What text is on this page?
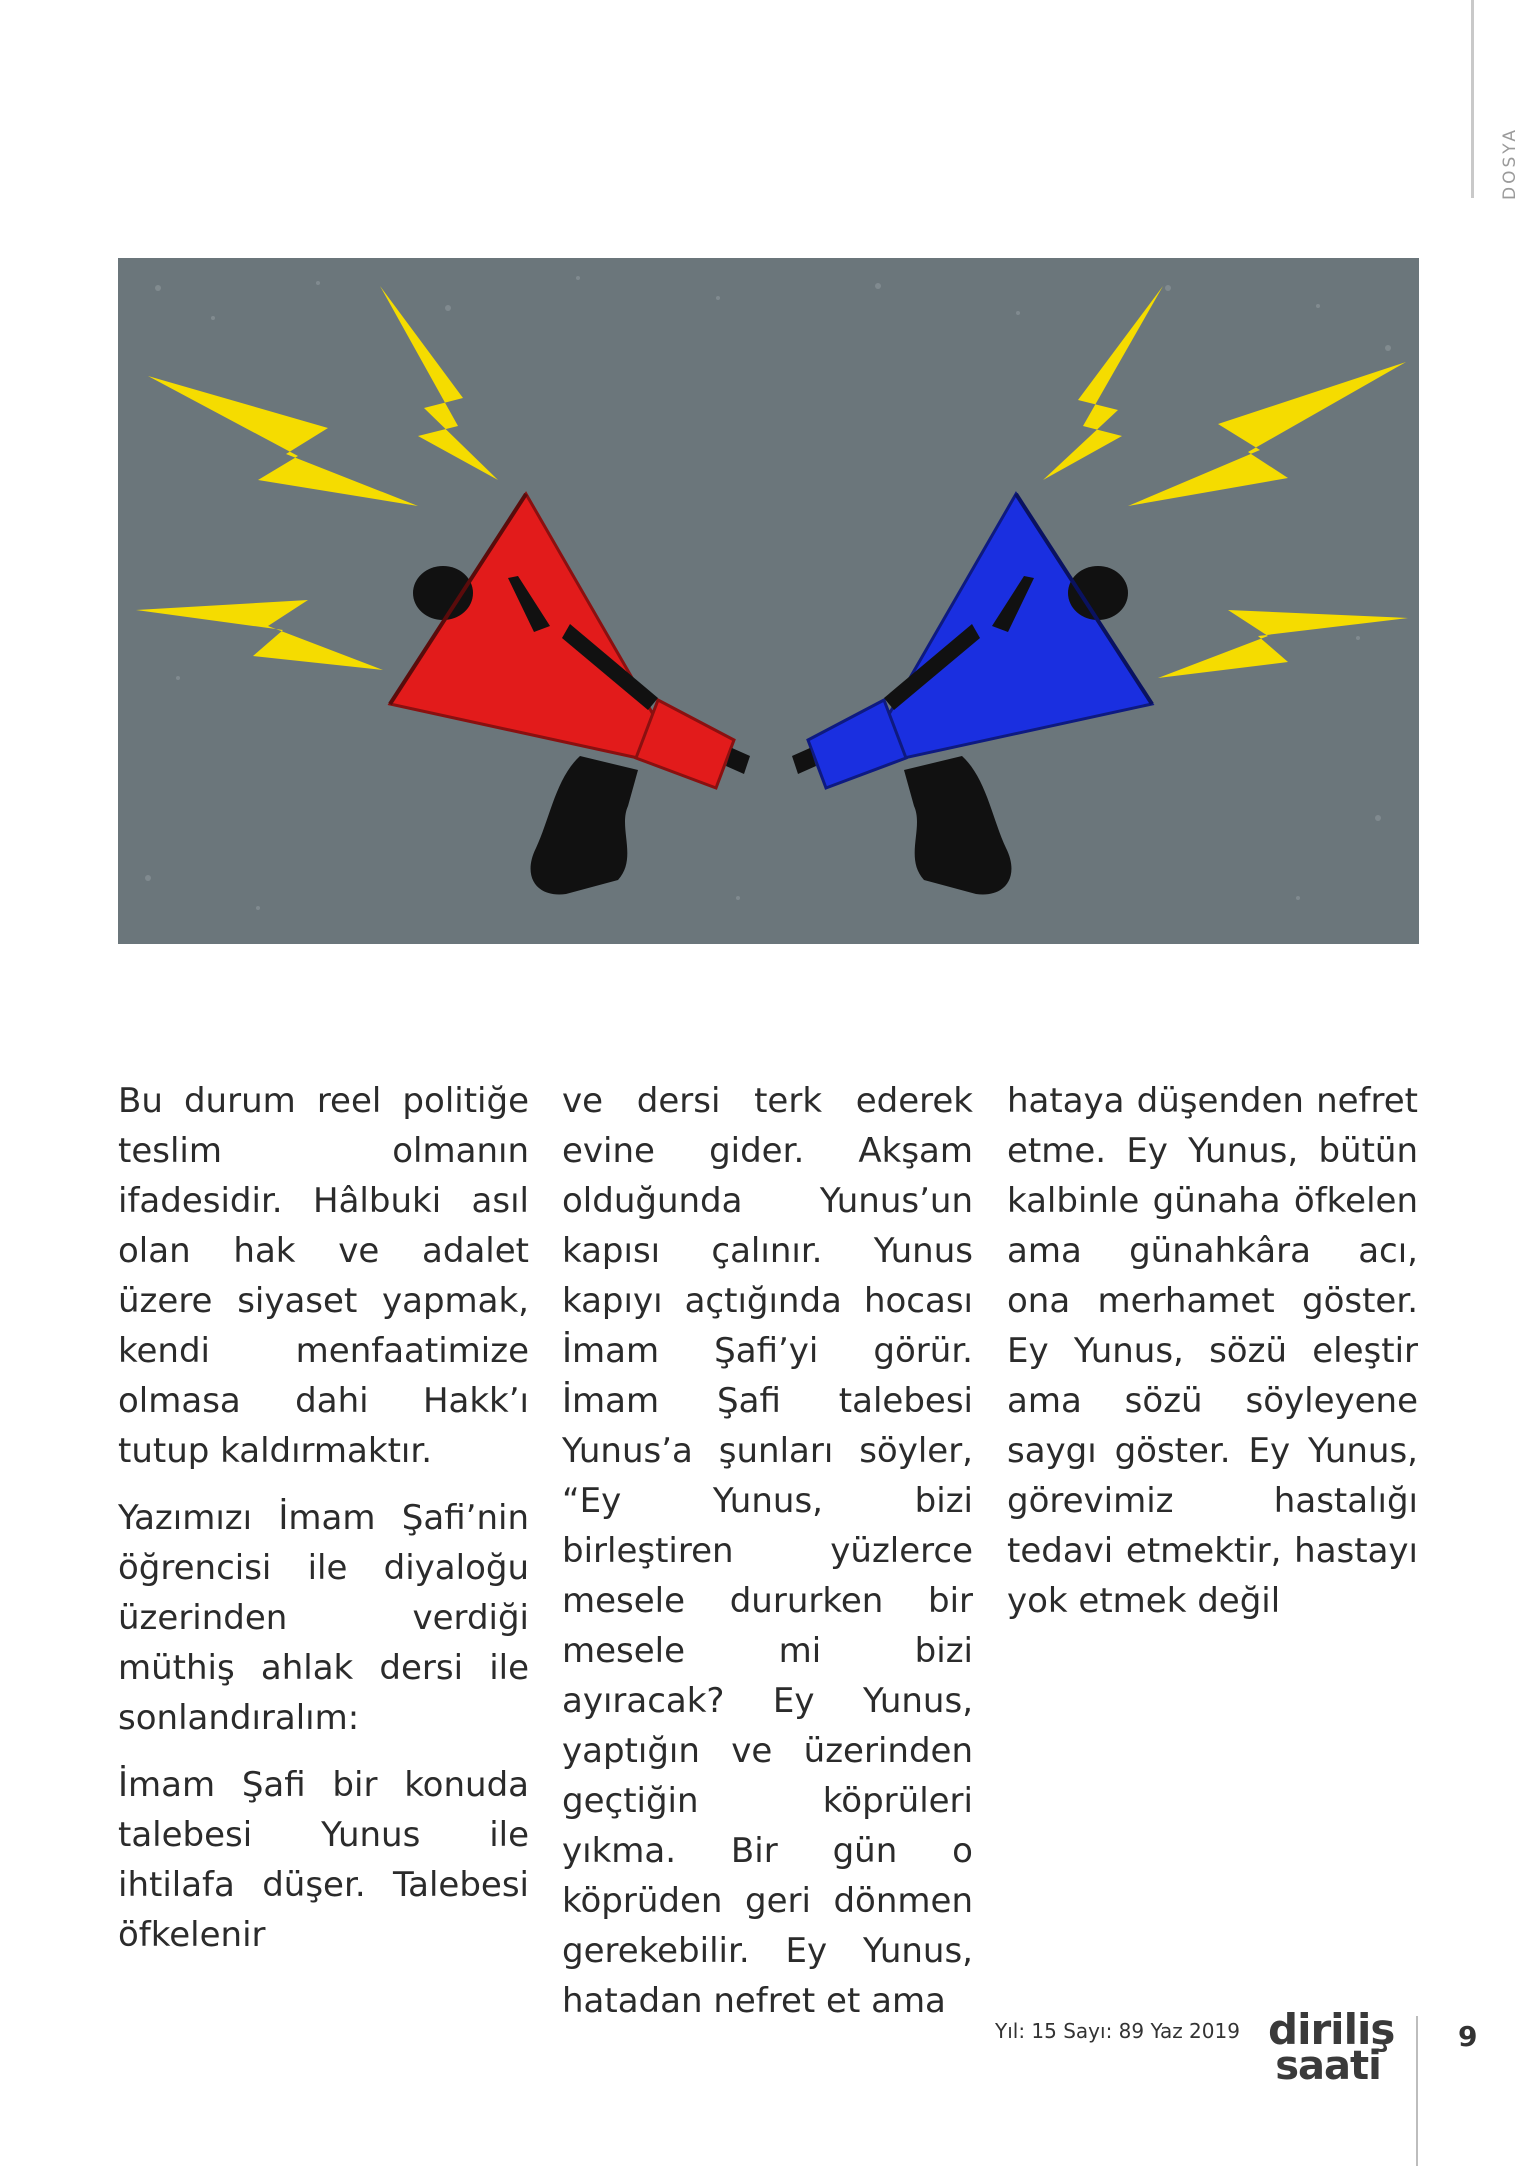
DOSYA

Bu durum reel politiğe teslim olmanın ifadesidir. Hâlbuki asıl olan hak ve adalet üzere siyaset yapmak, kendi menfaatimize olmasa dahi Hakk’ı tutup kaldırmaktır.

Yazımızı İmam Şafi’nin öğrencisi ile diyaloğu üzerinden verdiği müthiş ahlak dersi ile sonlandıralım:

İmam Şafi bir konuda talebesi Yunus ile ihtilafa düşer. Talebesi öfkelenir

ve dersi terk ederek evine gider. Akşam olduğunda Yunus’un kapısı çalınır. Yunus kapıyı açtığında hocası İmam Şafi’yi görür. İmam Şafi talebesi Yunus’a şunları söyler, “Ey Yunus, bizi birleştiren yüzlerce mesele dururken bir mesele mi bizi ayıracak? Ey Yunus, yaptığın ve üzerinden geçtiğin köprüleri yıkma. Bir gün o köprüden geri dönmen gerekebilir. Ey Yunus, hatadan nefret et ama

hataya düşenden nefret etme. Ey Yunus, bütün kalbinle günaha öfkelen ama günahkâra acı, ona merhamet göster. Ey Yunus, sözü eleştir ama sözü söyleyene saygı göster. Ey Yunus, görevimiz hastalığı tedavi etmektir, hastayı yok etmek değil

Yıl: 15 Sayı: 89 Yaz 2019 diriliş
saati
9
